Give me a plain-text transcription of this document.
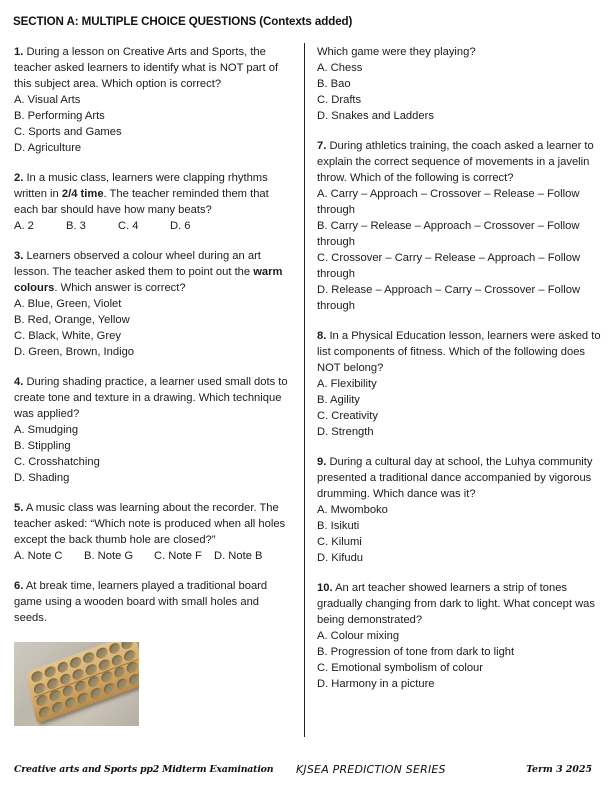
SECTION A: MULTIPLE CHOICE QUESTIONS (Contexts added)
1. During a lesson on Creative Arts and Sports, the teacher asked learners to identify what is NOT part of this subject area. Which option is correct?
A. Visual Arts
B. Performing Arts
C. Sports and Games
D. Agriculture
2. In a music class, learners were clapping rhythms written in 2/4 time. The teacher reminded them that each bar should have how many beats?
A. 2	B. 3	C. 4	D. 6
3. Learners observed a colour wheel during an art lesson. The teacher asked them to point out the warm colours. Which answer is correct?
A. Blue, Green, Violet
B. Red, Orange, Yellow
C. Black, White, Grey
D. Green, Brown, Indigo
4. During shading practice, a learner used small dots to create tone and texture in a drawing. Which technique was applied?
A. Smudging
B. Stippling
C. Crosshatching
D. Shading
5. A music class was learning about the recorder. The teacher asked: “Which note is produced when all holes except the back thumb hole are closed?”
A. Note C	B. Note G	C. Note F	D. Note B
6. At break time, learners played a traditional board game using a wooden board with small holes and seeds.
Which game were they playing?
A. Chess
B. Bao
C. Drafts
D. Snakes and Ladders
7. During athletics training, the coach asked a learner to explain the correct sequence of movements in a javelin throw. Which of the following is correct?
A. Carry – Approach – Crossover – Release – Follow through
B. Carry – Release – Approach – Crossover – Follow through
C. Crossover – Carry – Release – Approach – Follow through
D. Release – Approach – Carry – Crossover – Follow through
8. In a Physical Education lesson, learners were asked to list components of fitness. Which of the following does NOT belong?
A. Flexibility
B. Agility
C. Creativity
D. Strength
9. During a cultural day at school, the Luhya community presented a traditional dance accompanied by vigorous drumming. Which dance was it?
A. Mwomboko
B. Isikuti
C. Kilumi
D. Kifudu
10. An art teacher showed learners a strip of tones gradually changing from dark to light. What concept was being demonstrated?
A. Colour mixing
B. Progression of tone from dark to light
C. Emotional symbolism of colour
D. Harmony in a picture
Creative arts and Sports pp2 Midterm Examination KJSEA PREDICTION SERIES	Term 3 2025
